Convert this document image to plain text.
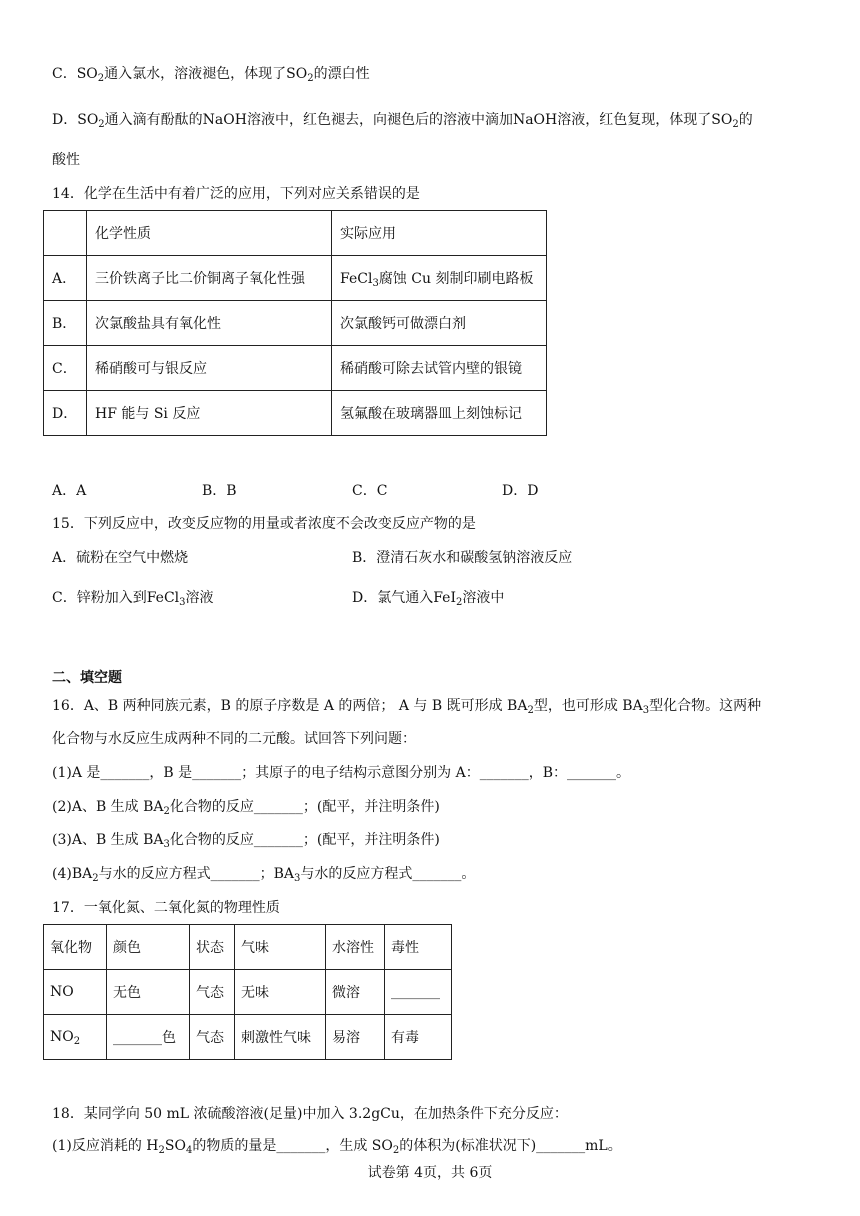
C．$SO_2$通入氯水，溶液褪色，体现了$SO_2$的漂白性
D．$SO_2$通入滴有酚酞的NaOH溶液中，红色褪去，向褪色后的溶液中滴加NaOH溶液，红色复现，体现了$SO_2$的
酸性
14．化学在生活中有着广泛的应用，下列对应关系错误的是
	化学性质	实际应用
A．	三价铁离子比二价铜离子氧化性强	FeCl$_3$腐蚀 Cu 刻制印刷电路板
B．	次氯酸盐具有氧化性	次氯酸钙可做漂白剂
C．	稀硝酸可与银反应	稀硝酸可除去试管内壁的银镜
D．	HF 能与 Si 反应	氢氟酸在玻璃器皿上刻蚀标记
A．A	B．B	C．C	D．D
15．下列反应中，改变反应物的用量或者浓度不会改变反应产物的是
A．硫粉在空气中燃烧	B．澄清石灰水和碳酸氢钠溶液反应
C．锌粉加入到FeCl$_3$溶液	D．氯气通入FeI$_2$溶液中
二、填空题
16．A、B 两种同族元素，B 的原子序数是 A 的两倍； A 与 B 既可形成 $BA_2$型，也可形成 $BA_3$型化合物。这两种
化合物与水反应生成两种不同的二元酸。试回答下列问题：
(1)A 是_______，B 是_______；其原子的电子结构示意图分别为 A：_______，B：_______。
(2)A、B 生成 $BA_2$化合物的反应_______；(配平，并注明条件)
(3)A、B 生成 $BA_3$化合物的反应_______；(配平，并注明条件)
$(4)BA_2$与水的反应方程式_______；$BA_3$与水的反应方程式_______。
17．一氧化氮、二氧化氮的物理性质
氧化物	颜色	状态	气味	水溶性	毒性
NO	无色	气态	无味	微溶	_______
$NO_2$	_______色	气态	刺激性气味	易溶	有毒
18．某同学向 50 mL 浓硫酸溶液(足量)中加入 3.2gCu，在加热条件下充分反应：
(1)反应消耗的 $H_2SO_4$的物质的量是_______，生成 $SO_2$的体积为(标准状况下)_______mL。
试卷第 4页，共 6页
